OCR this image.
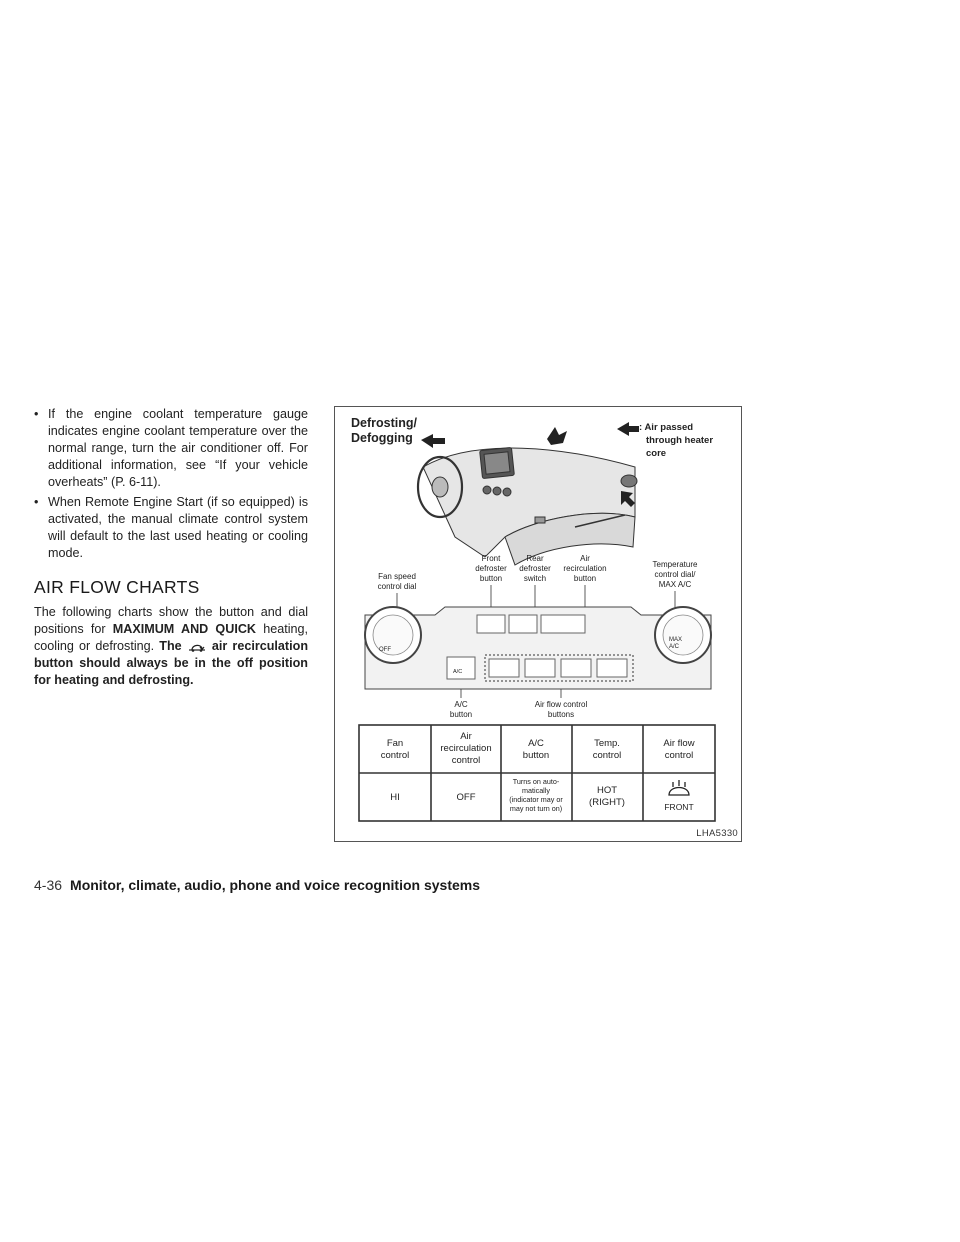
• If the engine coolant temperature gauge indicates engine coolant temperature over the normal range, turn the air conditioner off. For additional information, see “If your vehicle overheats” (P. 6-11).

• When Remote Engine Start (if so equipped) is activated, the manual climate control system will default to the last used heating or cooling mode.

AIR FLOW CHARTS

The following charts show the button and dial positions for MAXIMUM AND QUICK heating, cooling or defrosting. The air recirculation button should always be in the off position for heating and defrosting.

Defrosting/
Defogging
: Air passed
through heater
core
Fan speed
control dial
Front
defroster
button
Rear
defroster
switch
Air
recirculation
button
Temperature
control dial/
MAX A/C
A/C
button
Air flow control
buttons
OFF
MAX
A/C
A/C
Fan
control
Air
recirculation
control
A/C
button
Temp.
control
Air flow
control
HI	OFF
HOT
(RIGHT)	FRONT
Turns on auto-
matically
(indicator may or
may not turn on)
LHA5330
4-36 Monitor, climate, audio, phone and voice recognition systems
